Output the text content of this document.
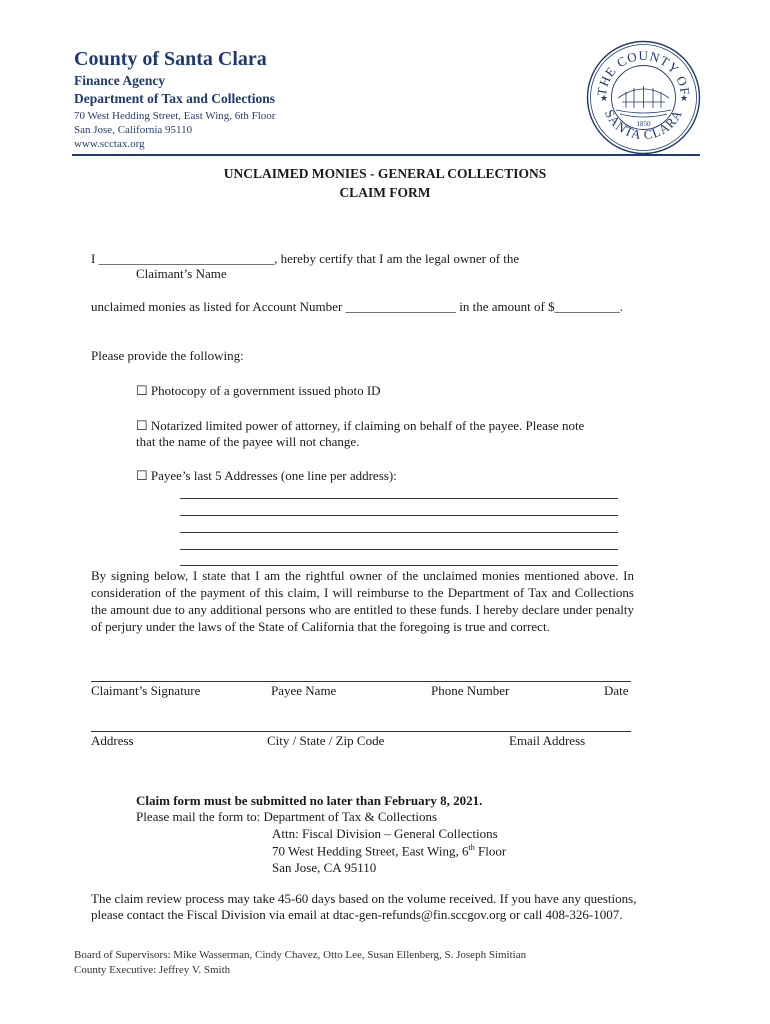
County of Santa Clara
Finance Agency
Department of Tax and Collections
70 West Hedding Street, East Wing, 6th Floor
San Jose, California 95110
www.scctax.org
THE COUNTY OF
SANTA CLARA
★	★
1850
UNCLAIMED MONIES - GENERAL COLLECTIONS
CLAIM FORM
I ___________________________, hereby certify that I am the legal owner of the
Claimant’s Name
unclaimed monies as listed for Account Number _________________ in the amount of $__________.
Please provide the following:
☐ Photocopy of a government issued photo ID
☐ Notarized limited power of attorney, if claiming on behalf of the payee. Please note
that the name of the payee will not change.
☐ Payee’s last 5 Addresses (one line per address):
By signing below, I state that I am the rightful owner of the unclaimed monies mentioned above. In consideration of the payment of this claim, I will reimburse to the Department of Tax and Collections the amount due to any additional persons who are entitled to these funds. I hereby declare under penalty of perjury under the laws of the State of California that the foregoing is true and correct.
Claimant’s Signature	Payee Name	Phone Number	Date
Address	City / State / Zip Code	Email Address
Claim form must be submitted no later than February 8, 2021.
Please mail the form to: Department of Tax & Collections
Attn: Fiscal Division – General Collections
70 West Hedding Street, East Wing, 6th Floor
San Jose, CA 95110
The claim review process may take 45-60 days based on the volume received. If you have any questions,
please contact the Fiscal Division via email at dtac-gen-refunds@fin.sccgov.org or call 408-326-1007.
Board of Supervisors: Mike Wasserman, Cindy Chavez, Otto Lee, Susan Ellenberg, S. Joseph Simitian
County Executive: Jeffrey V. Smith
